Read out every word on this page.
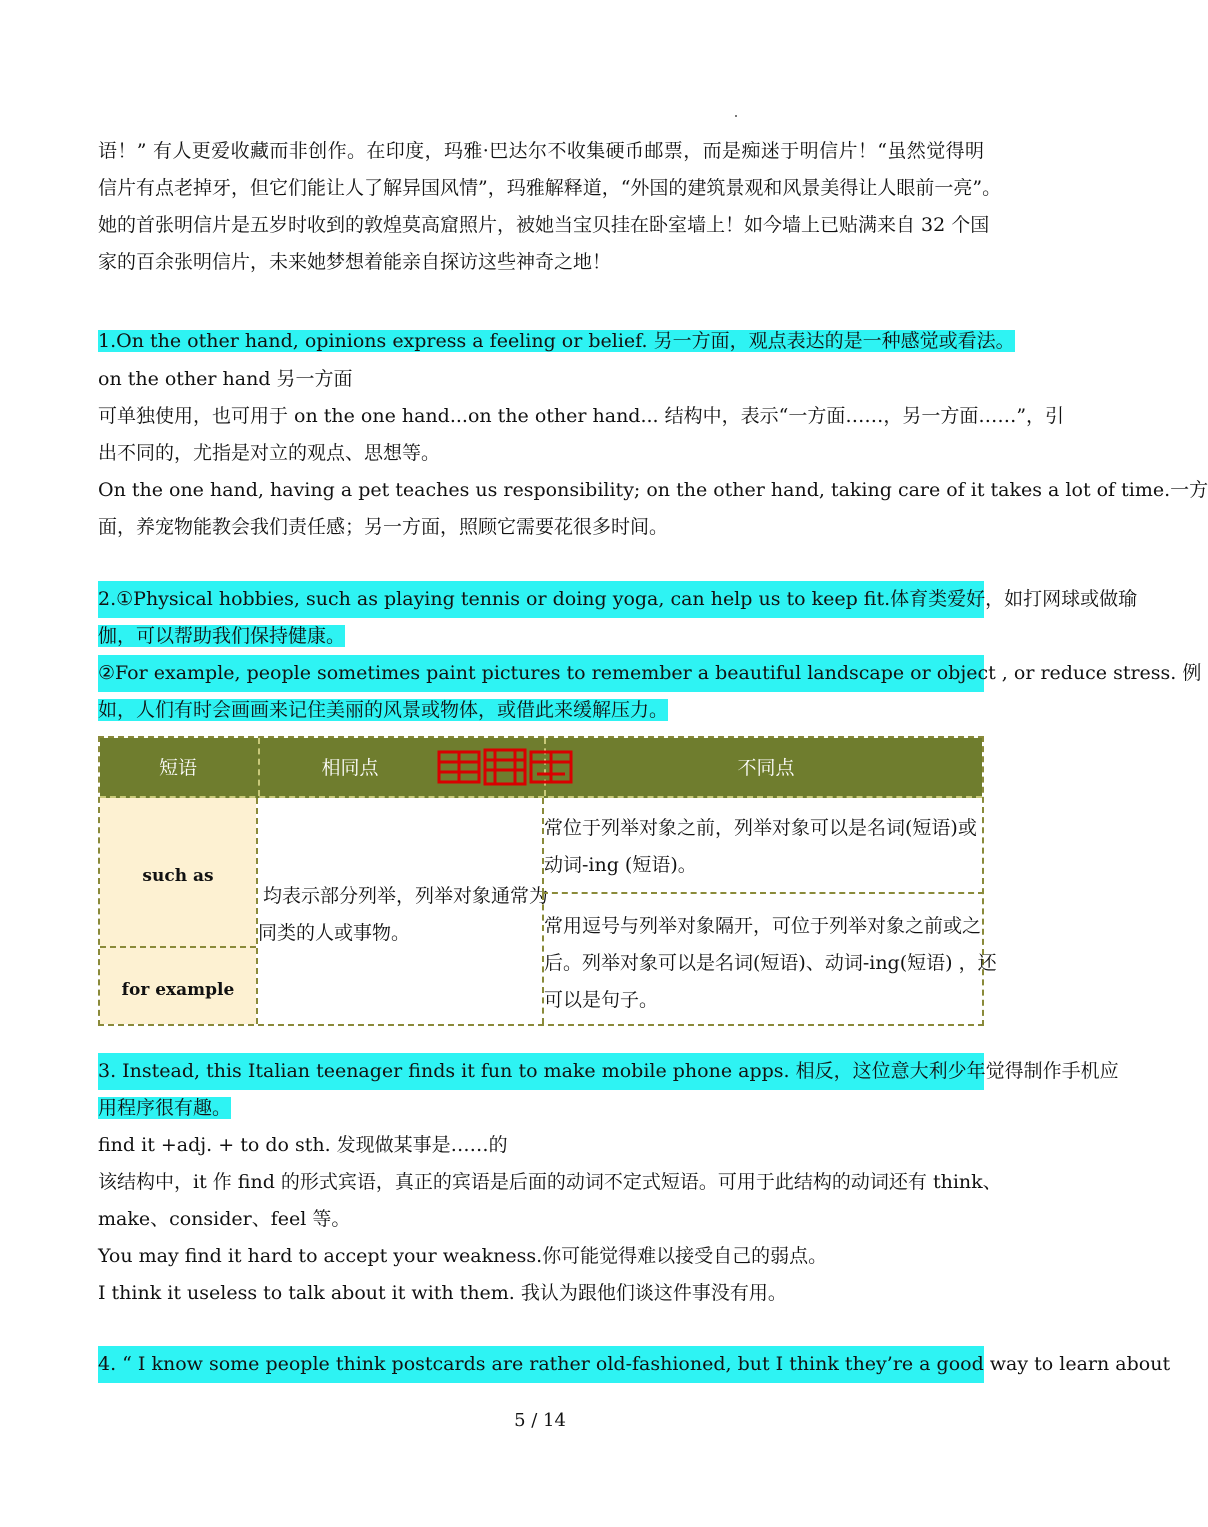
语！” 有人更爱收藏而非创作。在印度，玛雅·巴达尔不收集硬币邮票，而是痴迷于明信片！“虽然觉得明
信片有点老掉牙，但它们能让人了解异国风情”，玛雅解释道，“外国的建筑景观和风景美得让人眼前一亮”。
她的首张明信片是五岁时收到的敦煌莫高窟照片，被她当宝贝挂在卧室墙上！如今墙上已贴满来自 32 个国
家的百余张明信片，未来她梦想着能亲自探访这些神奇之地！
1.On the other hand, opinions express a feeling or belief. 另一方面，观点表达的是一种感觉或看法。
on the other hand 另一方面
可单独使用，也可用于 on the one hand...on the other hand... 结构中，表示“一方面……，另一方面……”，引
出不同的，尤指是对立的观点、思想等。
On the one hand, having a pet teaches us responsibility; on the other hand, taking care of it takes a lot of time.一方
面，养宠物能教会我们责任感；另一方面，照顾它需要花很多时间。
2.①Physical hobbies, such as playing tennis or doing yoga, can help us to keep fit.体育类爱好，如打网球或做瑜
伽，可以帮助我们保持健康。
②For example, people sometimes paint pictures to remember a beautiful landscape or object , or reduce stress. 例
如，人们有时会画画来记住美丽的风景或物体，或借此来缓解压力。
短语	相同点	不同点
such as
for example
均表示部分列举，列举对象通常为
同类的人或事物。
常位于列举对象之前，列举对象可以是名词(短语)或
动词-ing (短语)。
常用逗号与列举对象隔开，可位于列举对象之前或之
后。列举对象可以是名词(短语)、动词-ing(短语) ，还
可以是句子。
3. Instead, this Italian teenager finds it fun to make mobile phone apps. 相反，这位意大利少年觉得制作手机应
用程序很有趣。
find it +adj. + to do sth. 发现做某事是……的
该结构中，it 作 find 的形式宾语，真正的宾语是后面的动词不定式短语。可用于此结构的动词还有 think、
make、consider、feel 等。
You may find it hard to accept your weakness.你可能觉得难以接受自己的弱点。
I think it useless to talk about it with them. 我认为跟他们谈这件事没有用。
4. “ I know some people think postcards are rather old-fashioned, but I think they’re a good way to learn about
5 / 14
